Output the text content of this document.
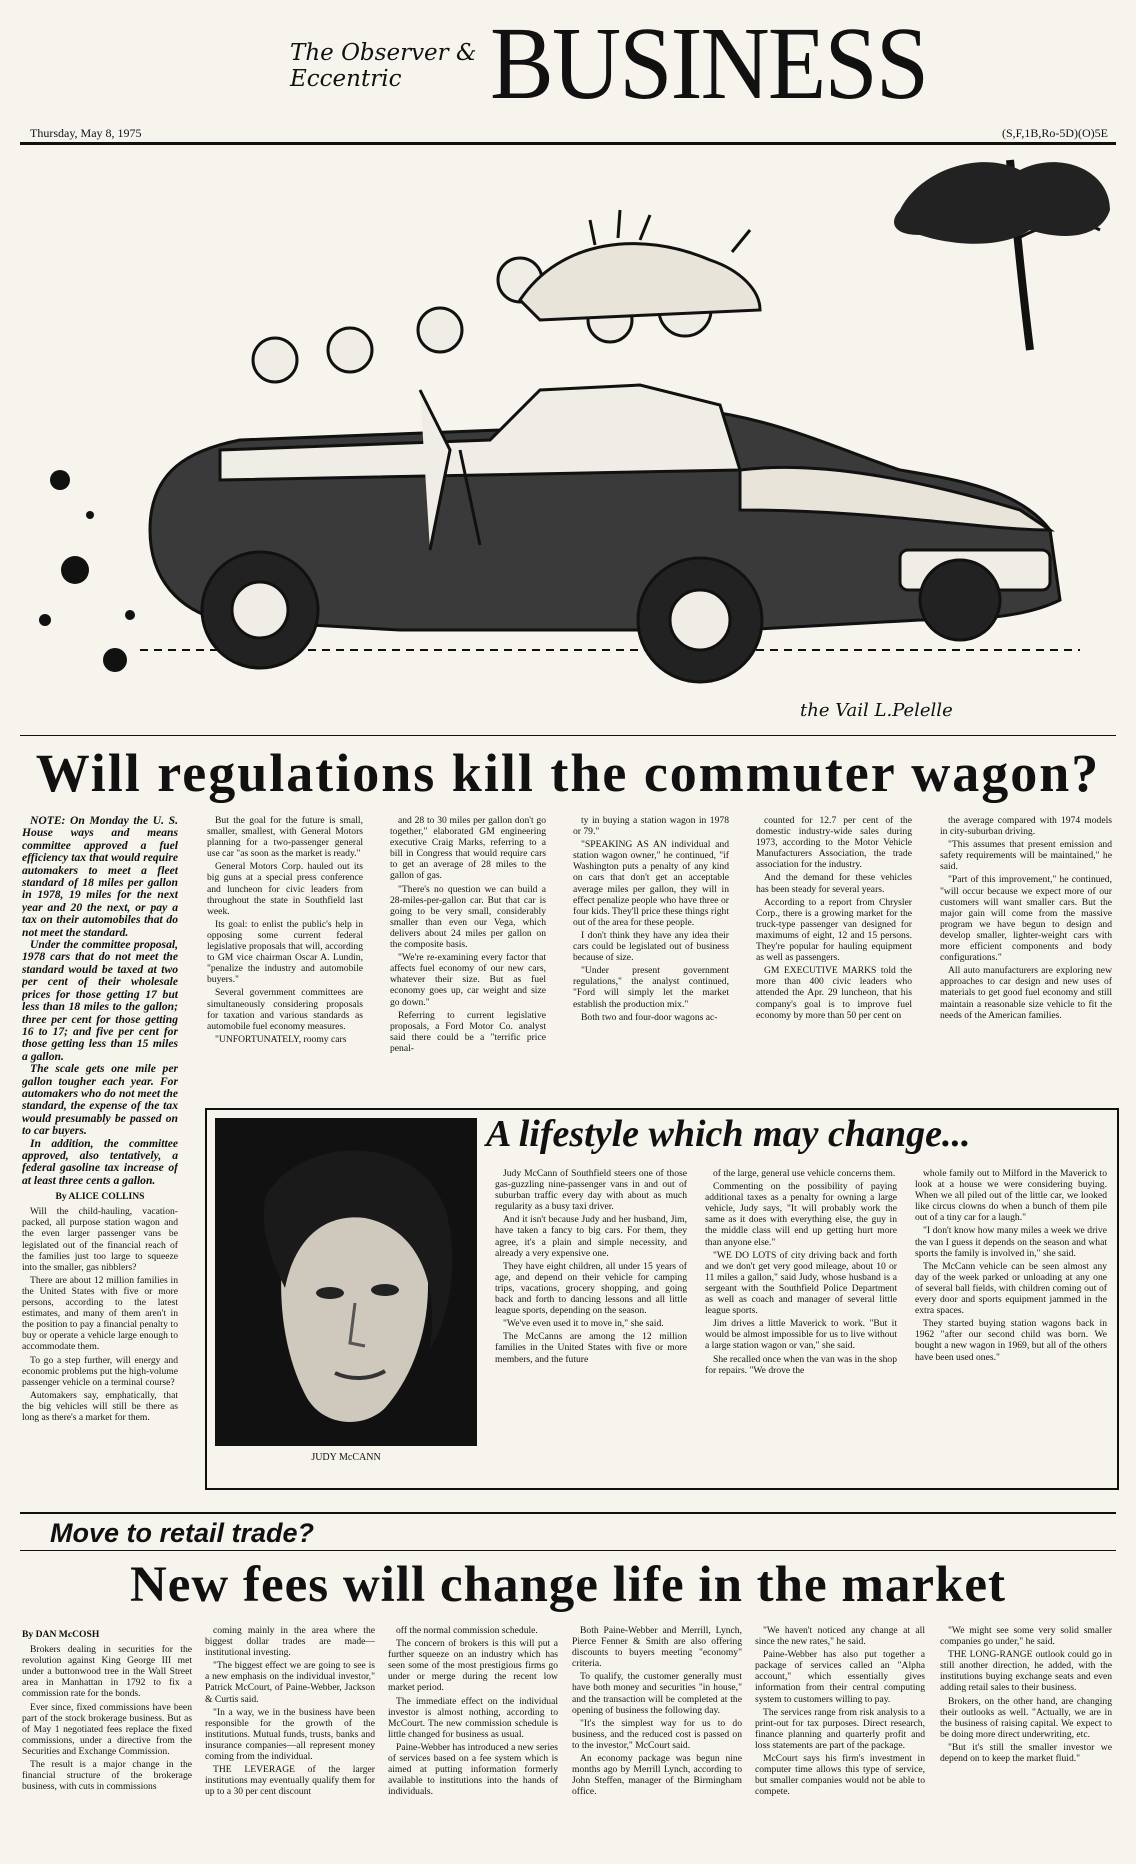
The Observer & Eccentric BUSINESS
Thursday, May 8, 1975	(S,F,1B,Ro-5D)(O)5E
the Vail L.Pelelle
Will regulations kill the commuter wagon?

NOTE: On Monday the U. S. House ways and means committee approved a fuel efficiency tax that would require automakers to meet a fleet standard of 18 miles per gallon in 1978, 19 miles for the next year and 20 the next, or pay a tax on their automobiles that do not meet the standard.

Under the committee proposal, 1978 cars that do not meet the standard would be taxed at two per cent of their wholesale prices for those getting 17 but less than 18 miles to the gallon; three per cent for those getting 16 to 17; and five per cent for those getting less than 15 miles a gallon.

The scale gets one mile per gallon tougher each year. For automakers who do not meet the standard, the expense of the tax would presumably be passed on to car buyers.

In addition, the committee approved, also tentatively, a federal gasoline tax increase of at least three cents a gallon.

By ALICE COLLINS

Will the child-hauling, vacation-packed, all purpose station wagon and the even larger passenger vans be legislated out of the financial reach of the families just too large to squeeze into the smaller, gas nibblers?

There are about 12 million families in the United States with five or more persons, according to the latest estimates, and many of them aren't in the position to pay a financial penalty to buy or operate a vehicle large enough to accommodate them.

To go a step further, will energy and economic problems put the high-volume passenger vehicle on a terminal course?

Automakers say, emphatically, that the big vehicles will still be there as long as there's a market for them.

But the goal for the future is small, smaller, smallest, with General Motors planning for a two-passenger general use car "as soon as the market is ready."

General Motors Corp. hauled out its big guns at a special press conference and luncheon for civic leaders from throughout the state in Southfield last week.

Its goal: to enlist the public's help in opposing some current federal legislative proposals that will, according to GM vice chairman Oscar A. Lundin, "penalize the industry and automobile buyers."

Several government committees are simultaneously considering proposals for taxation and various standards as automobile fuel economy measures.

"UNFORTUNATELY, roomy cars

and 28 to 30 miles per gallon don't go together," elaborated GM engineering executive Craig Marks, referring to a bill in Congress that would require cars to get an average of 28 miles to the gallon of gas.

"There's no question we can build a 28-miles-per-gallon car. But that car is going to be very small, considerably smaller than even our Vega, which delivers about 24 miles per gallon on the composite basis.

"We're re-examining every factor that affects fuel economy of our new cars, whatever their size. But as fuel economy goes up, car weight and size go down."

Referring to current legislative proposals, a Ford Motor Co. analyst said there could be a "terrific price penal-

ty in buying a station wagon in 1978 or 79."

"SPEAKING AS AN individual and station wagon owner," he continued, "if Washington puts a penalty of any kind on cars that don't get an acceptable average miles per gallon, they will in effect penalize people who have three or four kids. They'll price these things right out of the area for these people.

I don't think they have any idea their cars could be legislated out of business because of size.

"Under present government regulations," the analyst continued, "Ford will simply let the market establish the production mix."

Both two and four-door wagons ac-

counted for 12.7 per cent of the domestic industry-wide sales during 1973, according to the Motor Vehicle Manufacturers Association, the trade association for the industry.

And the demand for these vehicles has been steady for several years.

According to a report from Chrysler Corp., there is a growing market for the truck-type passenger van designed for maximums of eight, 12 and 15 persons. They're popular for hauling equipment as well as passengers.

GM EXECUTIVE MARKS told the more than 400 civic leaders who attended the Apr. 29 luncheon, that his company's goal is to improve fuel economy by more than 50 per cent on

the average compared with 1974 models in city-suburban driving.

"This assumes that present emission and safety requirements will be maintained," he said.

"Part of this improvement," he continued, "will occur because we expect more of our customers will want smaller cars. But the major gain will come from the massive program we have begun to design and develop smaller, lighter-weight cars with more efficient components and body configurations."

All auto manufacturers are exploring new approaches to car design and new uses of materials to get good fuel economy and still maintain a reasonable size vehicle to fit the needs of the American families.

JUDY McCANN
A lifestyle which may change...

Judy McCann of Southfield steers one of those gas-guzzling nine-passenger vans in and out of suburban traffic every day with about as much regularity as a busy taxi driver.

And it isn't because Judy and her husband, Jim, have taken a fancy to big cars. For them, they agree, it's a plain and simple necessity, and already a very expensive one.

They have eight children, all under 15 years of age, and depend on their vehicle for camping trips, vacations, grocery shopping, and going back and forth to dancing lessons and all little league sports, depending on the season.

"We've even used it to move in," she said.

The McCanns are among the 12 million families in the United States with five or more members, and the future

of the large, general use vehicle concerns them.

Commenting on the possibility of paying additional taxes as a penalty for owning a large vehicle, Judy says, "It will probably work the same as it does with everything else, the guy in the middle class will end up getting hurt more than anyone else."

"WE DO LOTS of city driving back and forth and we don't get very good mileage, about 10 or 11 miles a gallon," said Judy, whose husband is a sergeant with the Southfield Police Department as well as coach and manager of several little league sports.

Jim drives a little Maverick to work. "But it would be almost impossible for us to live without a large station wagon or van," she said.

She recalled once when the van was in the shop for repairs. "We drove the

whole family out to Milford in the Maverick to look at a house we were considering buying. When we all piled out of the little car, we looked like circus clowns do when a bunch of them pile out of a tiny car for a laugh."

"I don't know how many miles a week we drive the van I guess it depends on the season and what sports the family is involved in," she said.

The McCann vehicle can be seen almost any day of the week parked or unloading at any one of several ball fields, with children coming out of every door and sports equipment jammed in the extra spaces.

They started buying station wagons back in 1962 "after our second child was born. We bought a new wagon in 1969, but all of the others have been used ones."

Move to retail trade?
New fees will change life in the market

By DAN McCOSH

Brokers dealing in securities for the revolution against King George III met under a buttonwood tree in the Wall Street area in Manhattan in 1792 to fix a commission rate for the bonds.

Ever since, fixed commissions have been part of the stock brokerage business. But as of May 1 negotiated fees replace the fixed commissions, under a directive from the Securities and Exchange Commission.

The result is a major change in the financial structure of the brokerage business, with cuts in commissions

coming mainly in the area where the biggest dollar trades are made—institutional investing.

"The biggest effect we are going to see is a new emphasis on the individual investor," Patrick McCourt, of Paine-Webber, Jackson & Curtis said.

"In a way, we in the business have been responsible for the growth of the institutions. Mutual funds, trusts, banks and insurance companies—all represent money coming from the individual.

THE LEVERAGE of the larger institutions may eventually qualify them for up to a 30 per cent discount

off the normal commission schedule.

The concern of brokers is this will put a further squeeze on an industry which has seen some of the most prestigious firms go under or merge during the recent low market period.

The immediate effect on the individual investor is almost nothing, according to McCourt. The new commission schedule is little changed for business as usual.

Paine-Webber has introduced a new series of services based on a fee system which is aimed at putting information formerly available to institutions into the hands of individuals.

Both Paine-Webber and Merrill, Lynch, Pierce Fenner & Smith are also offering discounts to buyers meeting "economy" criteria.

To qualify, the customer generally must have both money and securities "in house," and the transaction will be completed at the opening of business the following day.

"It's the simplest way for us to do business, and the reduced cost is passed on to the investor," McCourt said.

An economy package was begun nine months ago by Merrill Lynch, according to John Steffen, manager of the Birmingham office.

"We haven't noticed any change at all since the new rates," he said.

Paine-Webber has also put together a package of services called an "Alpha account," which essentially gives information from their central computing system to customers willing to pay.

The services range from risk analysis to a print-out for tax purposes. Direct research, finance planning and quarterly profit and loss statements are part of the package.

McCourt says his firm's investment in computer time allows this type of service, but smaller companies would not be able to compete.

"We might see some very solid smaller companies go under," he said.

THE LONG-RANGE outlook could go in still another direction, he added, with the institutions buying exchange seats and even adding retail sales to their business.

Brokers, on the other hand, are changing their outlooks as well. "Actually, we are in the business of raising capital. We expect to be doing more direct underwriting, etc.

"But it's still the smaller investor we depend on to keep the market fluid."
